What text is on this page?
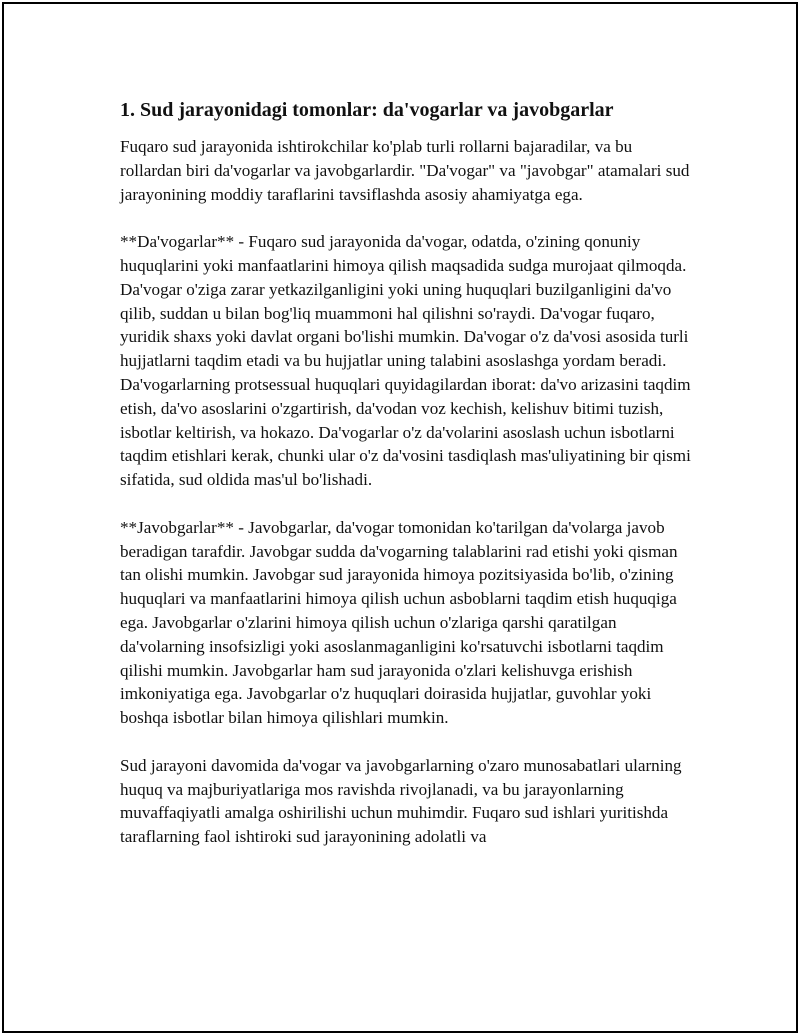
1. Sud jarayonidagi tomonlar: da'vogarlar va javobgarlar

Fuqaro sud jarayonida ishtirokchilar ko'plab turli rollarni bajaradilar, va bu rollardan biri da'vogarlar va javobgarlardir. "Da'vogar" va "javobgar" atamalari sud jarayonining moddiy taraflarini tavsiflashda asosiy ahamiyatga ega.

**Da'vogarlar** - Fuqaro sud jarayonida da'vogar, odatda, o'zining qonuniy huquqlarini yoki manfaatlarini himoya qilish maqsadida sudga murojaat qilmoqda. Da'vogar o'ziga zarar yetkazilganligini yoki uning huquqlari buzilganligini da'vo qilib, suddan u bilan bog'liq muammoni hal qilishni so'raydi. Da'vogar fuqaro, yuridik shaxs yoki davlat organi bo'lishi mumkin. Da'vogar o'z da'vosi asosida turli hujjatlarni taqdim etadi va bu hujjatlar uning talabini asoslashga yordam beradi. Da'vogarlarning protsessual huquqlari quyidagilardan iborat: da'vo arizasini taqdim etish, da'vo asoslarini o'zgartirish, da'vodan voz kechish, kelishuv bitimi tuzish, isbotlar keltirish, va hokazo. Da'vogarlar o'z da'volarini asoslash uchun isbotlarni taqdim etishlari kerak, chunki ular o'z da'vosini tasdiqlash mas'uliyatining bir qismi sifatida, sud oldida mas'ul bo'lishadi.

**Javobgarlar** - Javobgarlar, da'vogar tomonidan ko'tarilgan da'volarga javob beradigan tarafdir. Javobgar sudda da'vogarning talablarini rad etishi yoki qisman tan olishi mumkin. Javobgar sud jarayonida himoya pozitsiyasida bo'lib, o'zining huquqlari va manfaatlarini himoya qilish uchun asboblarni taqdim etish huquqiga ega. Javobgarlar o'zlarini himoya qilish uchun o'zlariga qarshi qaratilgan da'volarning insofsizligi yoki asoslanmaganligini ko'rsatuvchi isbotlarni taqdim qilishi mumkin. Javobgarlar ham sud jarayonida o'zlari kelishuvga erishish imkoniyatiga ega. Javobgarlar o'z huquqlari doirasida hujjatlar, guvohlar yoki boshqa isbotlar bilan himoya qilishlari mumkin.

Sud jarayoni davomida da'vogar va javobgarlarning o'zaro munosabatlari ularning huquq va majburiyatlariga mos ravishda rivojlanadi, va bu jarayonlarning muvaffaqiyatli amalga oshirilishi uchun muhimdir. Fuqaro sud ishlari yuritishda taraflarning faol ishtiroki sud jarayonining adolatli va
